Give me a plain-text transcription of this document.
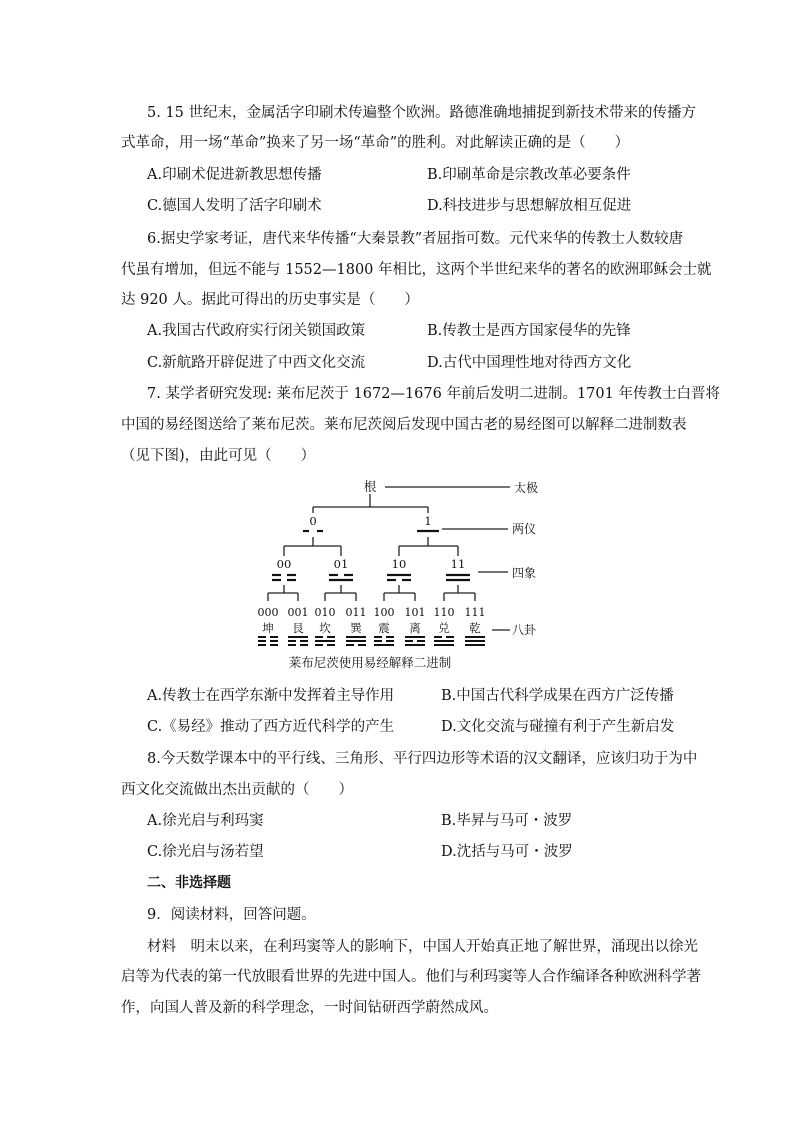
5. 15 世纪末，金属活字印刷术传遍整个欧洲。路德准确地捕捉到新技术带来的传播方
式革命，用一场“革命”换来了另一场“革命”的胜利。对此解读正确的是（　　）
A.印刷术促进新教思想传播	B.印刷革命是宗教改革必要条件
C.德国人发明了活字印刷术	D.科技进步与思想解放相互促进
6.据史学家考证，唐代来华传播“大秦景教”者屈指可数。元代来华的传教士人数较唐
代虽有增加，但远不能与 1552—1800 年相比，这两个半世纪来华的著名的欧洲耶稣会士就
达 920 人。据此可得出的历史事实是（　　）
A.我国古代政府实行闭关锁国政策	B.传教士是西方国家侵华的先锋
C.新航路开辟促进了中西文化交流	D.古代中国理性地对待西方文化
7. 某学者研究发现: 莱布尼茨于 1672—1676 年前后发明二进制。1701 年传教士白晋将
中国的易经图送给了莱布尼茨。莱布尼茨阅后发现中国古老的易经图可以解释二进制数表
（见下图)，由此可见（　　）
根	太极
0	1
两仪
00	01	10	11
四象
000
坤
001
艮
010
坎
011
巽
100
震
101
离
110
兑
111
乾	八卦
莱布尼茨使用易经解释二进制
A.传教士在西学东渐中发挥着主导作用	B.中国古代科学成果在西方广泛传播
C.《易经》推动了西方近代科学的产生	D.文化交流与碰撞有利于产生新启发
8.今天数学课本中的平行线、三角形、平行四边形等术语的汉文翻译，应该归功于为中
西文化交流做出杰出贡献的（　　）
A.徐光启与利玛窦	B.毕昇与马可・波罗
C.徐光启与汤若望	D.沈括与马可・波罗
二、非选择题
9．阅读材料，回答问题。
材料　明末以来，在利玛窦等人的影响下，中国人开始真正地了解世界，涌现出以徐光
启等为代表的第一代放眼看世界的先进中国人。他们与利玛窦等人合作编译各种欧洲科学著
作，向国人普及新的科学理念，一时间钻研西学蔚然成风。
